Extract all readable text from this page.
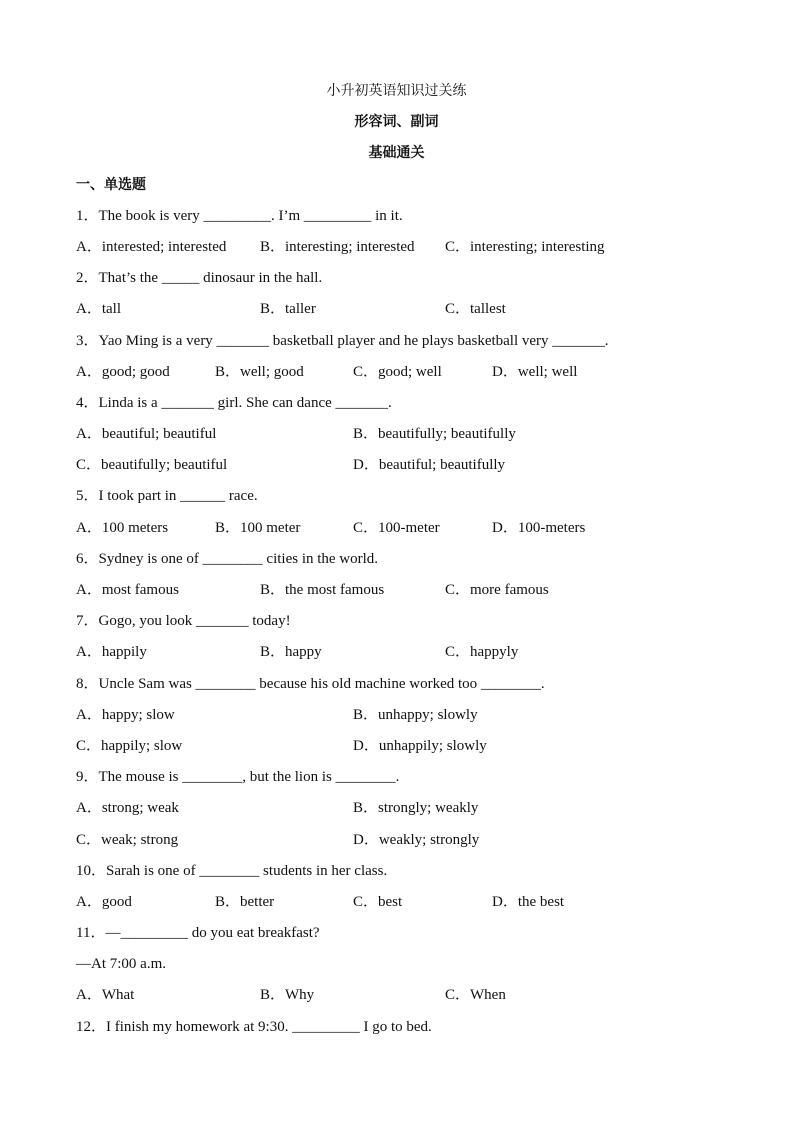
小升初英语知识过关练
形容词、副词
基础通关
一、单选题
1．The book is very _________. I’m _________ in it.
A．interested; interested B．interesting; interested C．interesting; interesting
2．That’s the _____ dinosaur in the hall.
A．tall	B．taller	C．tallest
3．Yao Ming is a very _______ basketball player and he plays basketball very _______.
A．good; good	B．well; good	C．good; well	D．well; well
4．Linda is a _______ girl. She can dance _______.
A．beautiful; beautiful	B．beautifully; beautifully
C．beautifully; beautiful	D．beautiful; beautifully
5．I took part in ______ race.
A．100 meters	B．100 meter	C．100-meter	D．100-meters
6．Sydney is one of ________ cities in the world.
A．most famous	B．the most famous	C．more famous
7．Gogo, you look _______ today!
A．happily	B．happy	C．happyly
8．Uncle Sam was ________ because his old machine worked too ________.
A．happy; slow	B．unhappy; slowly
C．happily; slow	D．unhappily; slowly
9．The mouse is ________, but the lion is ________.
A．strong; weak	B．strongly; weakly
C．weak; strong	D．weakly; strongly
10．Sarah is one of ________ students in her class.
A．good	B．better	C．best	D．the best
11．—_________ do you eat breakfast?
—At 7:00 a.m.
A．What	B．Why	C．When
12．I finish my homework at 9:30. _________ I go to bed.
